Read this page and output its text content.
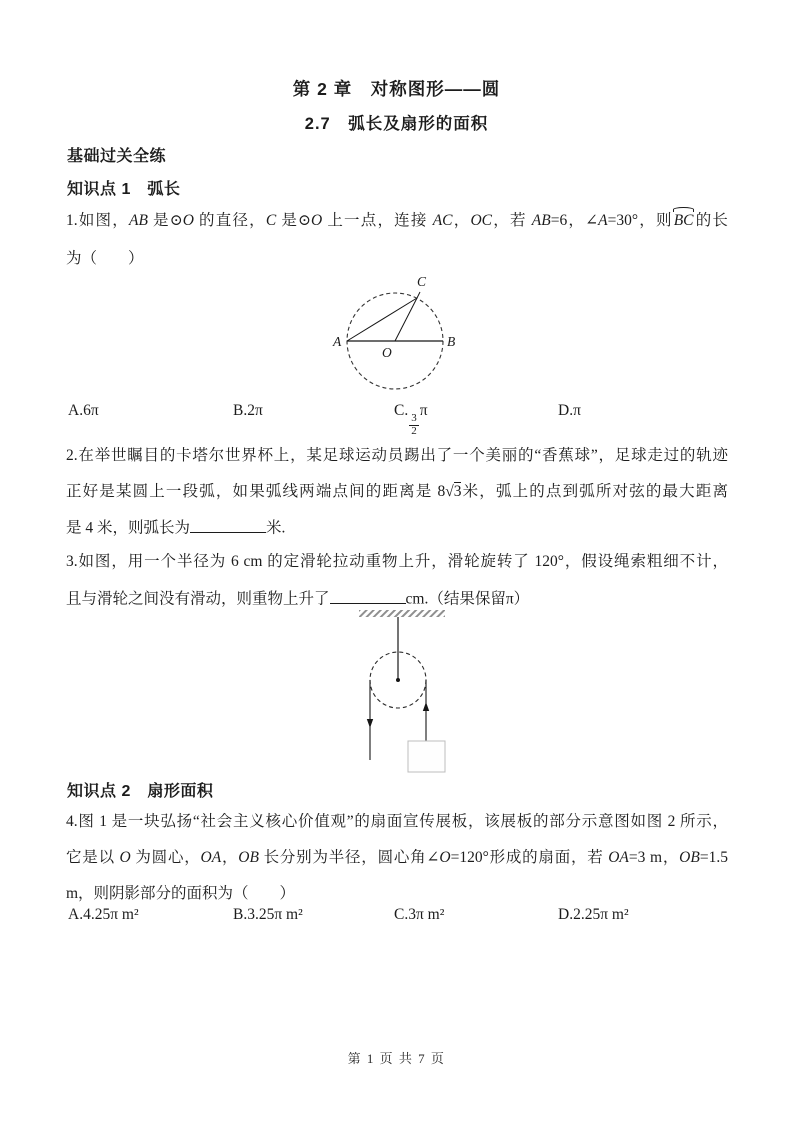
第 2 章　对称图形——圆
2.7　弧长及扇形的面积
基础过关全练
知识点 1　弧长
1.如图，AB 是⊙O 的直径，C 是⊙O 上一点，连接 AC，OC，若 AB=6，∠A=30°，则BC的长
为（　　）
A	B
O
C
A.6π	B.2π	C.
$\frac{3}{2}$
π	D.π
2.在举世瞩目的卡塔尔世界杯上，某足球运动员踢出了一个美丽的“香蕉球”，足球走过的轨迹
正好是某圆上一段弧，如果弧线两端点间的距离是 8√3米，弧上的点到弧所对弦的最大距离
是 4 米，则弧长为	米.
3.如图，用一个半径为 6 cm 的定滑轮拉动重物上升，滑轮旋转了 120°，假设绳索粗细不计，
且与滑轮之间没有滑动，则重物上升了	cm.（结果保留π）
知识点 2　扇形面积
4.图 1 是一块弘扬“社会主义核心价值观”的扇面宣传展板，该展板的部分示意图如图 2 所示，
它是以 O 为圆心，OA，OB 长分别为半径，圆心角∠O=120°形成的扇面，若 OA=3 m，OB=1.5
m，则阴影部分的面积为（　　）
A.4.25π m²	B.3.25π m²	C.3π m²	D.2.25π m²
第 1 页 共 7 页
